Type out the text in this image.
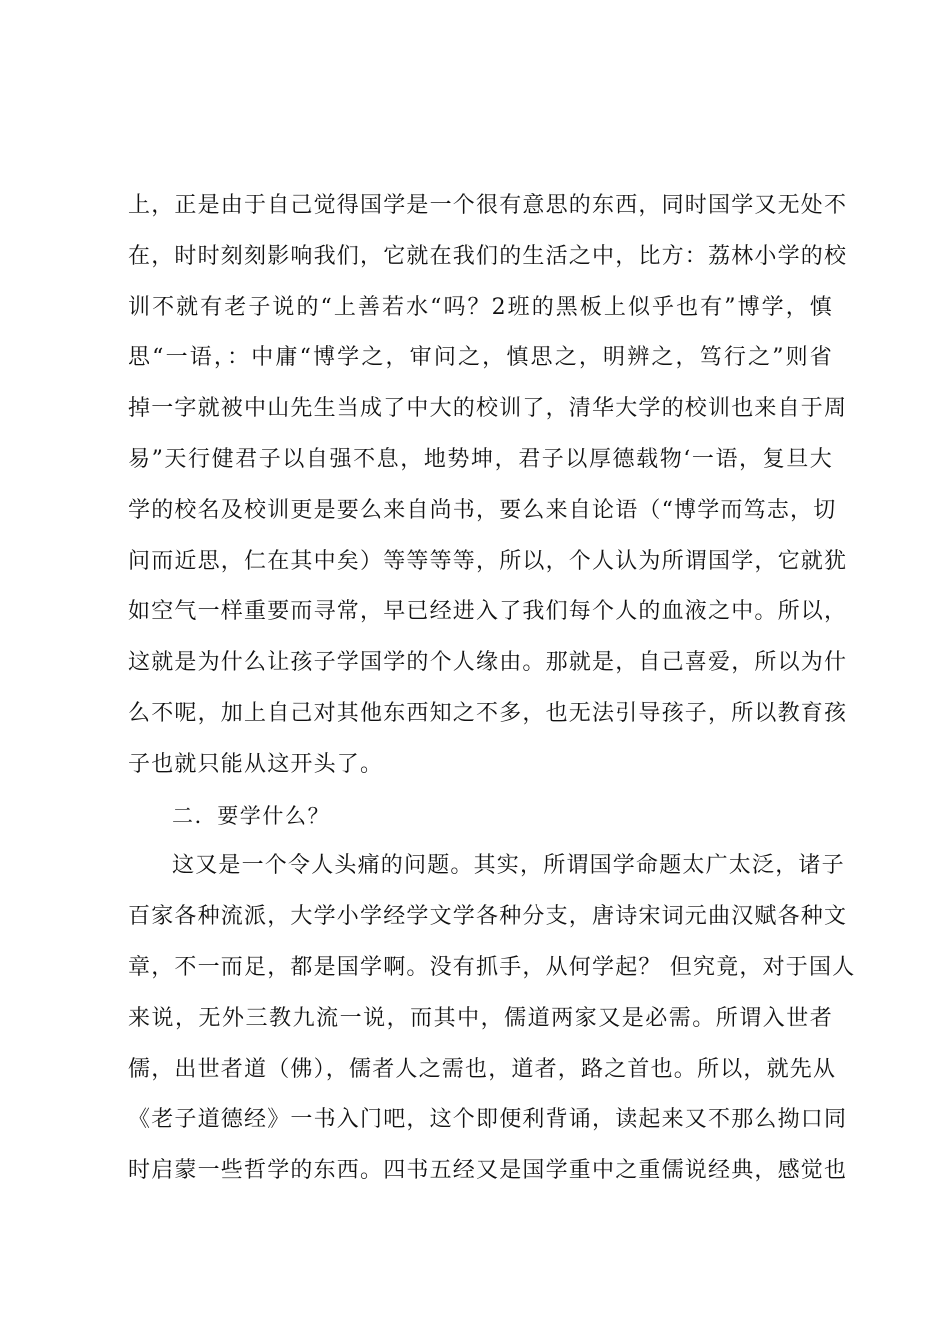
上，正是由于自己觉得国学是一个很有意思的东西，同时国学又无处不
在，时时刻刻影响我们，它就在我们的生活之中，比方：荔林小学的校
训不就有老子说的“上善若水“吗？2班的黑板上似乎也有”博学，慎
思“一语，：中庸“博学之，审问之，慎思之，明辨之，笃行之”则省
掉一字就被中山先生当成了中大的校训了，清华大学的校训也来自于周
易”天行健君子以自强不息，地势坤，君子以厚德载物‘一语，复旦大
学的校名及校训更是要么来自尚书，要么来自论语（“博学而笃志，切
问而近思，仁在其中矣）等等等等，所以，个人认为所谓国学，它就犹
如空气一样重要而寻常，早已经进入了我们每个人的血液之中。所以，
这就是为什么让孩子学国学的个人缘由。那就是，自己喜爱，所以为什
么不呢，加上自己对其他东西知之不多，也无法引导孩子，所以教育孩
子也就只能从这开头了。
二．要学什么？
这又是一个令人头痛的问题。其实，所谓国学命题太广太泛，诸子
百家各种流派，大学小学经学文学各种分支，唐诗宋词元曲汉赋各种文
章，不一而足，都是国学啊。没有抓手，从何学起？ 但究竟，对于国人
来说，无外三教九流一说，而其中，儒道两家又是必需。所谓入世者
儒，出世者道（佛），儒者人之需也，道者，路之首也。所以，就先从
《老子道德经》一书入门吧，这个即便利背诵，读起来又不那么拗口同
时启蒙一些哲学的东西。四书五经又是国学重中之重儒说经典，感觉也
